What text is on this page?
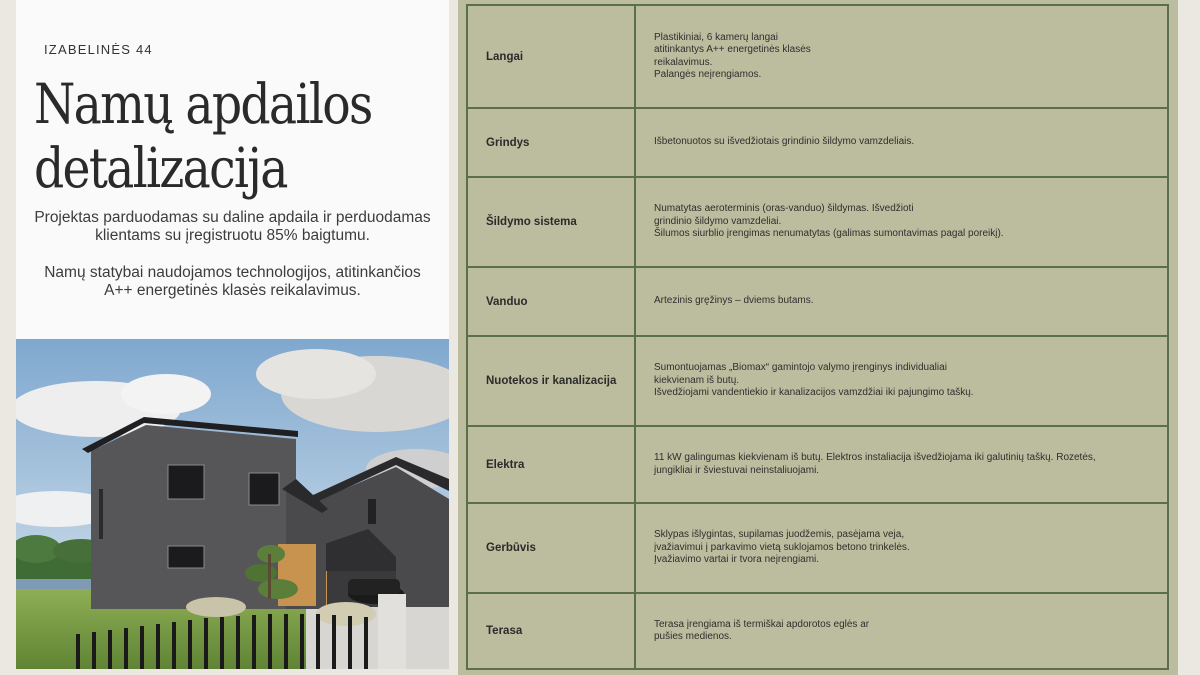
IZABELINĖS 44
Namų apdailos detalizacija

Projektas parduodamas su daline apdaila ir perduodamas klientams su įregistruotu 85% baigtumu.

Namų statybai naudojamos technologijos, atitinkančios A++ energetinės klasės reikalavimus.

Langai
Plastikiniai, 6 kamerų langai
atitinkantys A++ energetinės klasės
reikalavimus.
Palangės neįrengiamos.
Grindys	Išbetonuotos su išvedžiotais grindinio šildymo vamzdeliais.
Šildymo sistema
Numatytas aeroterminis (oras-vanduo) šildymas. Išvedžioti
grindinio šildymo vamzdeliai.
Šilumos siurblio įrengimas nenumatytas (galimas sumontavimas pagal poreikį).
Vanduo	Artezinis gręžinys – dviems butams.
Nuotekos ir kanalizacija
Sumontuojamas „Biomax“ gamintojo valymo įrenginys individualiai
kiekvienam iš butų.
Išvedžiojami vandentiekio ir kanalizacijos vamzdžiai iki pajungimo taškų.
Elektra
11 kW galingumas kiekvienam iš butų. Elektros instaliacija išvedžiojama iki galutinių taškų. Rozetės,
jungikliai ir šviestuvai neinstaliuojami.
Gerbūvis
Sklypas išlygintas, supilamas juodžemis, pasėjama veja,
įvažiavimui į parkavimo vietą suklojamos betono trinkelės.
Įvažiavimo vartai ir tvora neįrengiami.
Terasa
Terasa įrengiama iš termiškai apdorotos eglės ar
pušies medienos.
